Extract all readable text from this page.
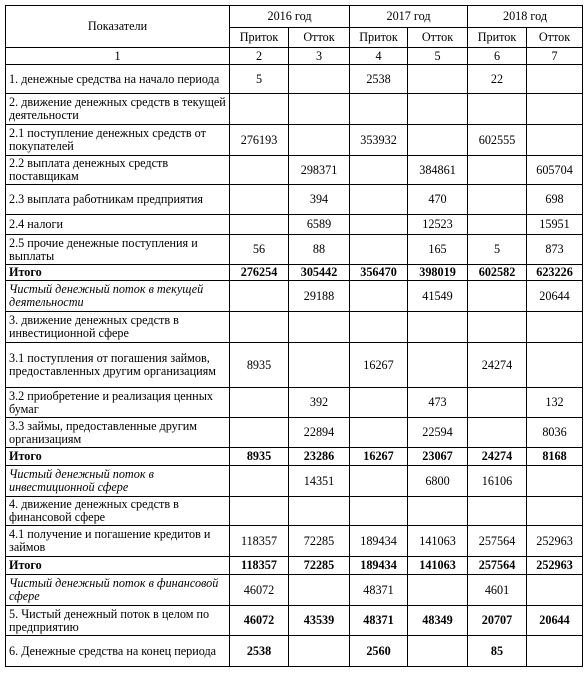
Показатели	2016 год		2017 год		2018 год	
	Приток	Отток	Приток	Отток	Приток	Отток
1	2	3	4	5	6	7
1. денежные средства на начало периода	5		2538		22	
2. движение денежных средств в текущей деятельности						
2.1 поступление денежных средств от покупателей	276193		353932		602555	
2.2 выплата денежных средств поставщикам		298371		384861		605704
2.3 выплата работникам предприятия		394		470		698
2.4 налоги		6589		12523		15951
2.5 прочие денежные поступления и выплаты	56	88		165	5	873
Итого	276254	305442	356470	398019	602582	623226
Чистый денежный поток в текущей деятельности		29188		41549		20644
3. движение денежных средств в инвестиционной сфере						
3.1 поступления от погашения займов, предоставленных другим организациям	8935		16267		24274	
3.2 приобретение и реализация ценных бумаг		392		473		132
3.3 займы, предоставленные другим организациям		22894		22594		8036
Итого	8935	23286	16267	23067	24274	8168
Чистый денежный поток в инвестиционной сфере		14351		6800	16106	
4. движение денежных средств в финансовой сфере						
4.1 получение и погашение кредитов и займов	118357	72285	189434	141063	257564	252963
Итого	118357	72285	189434	141063	257564	252963
Чистый денежный поток в финансовой сфере	46072		48371		4601	
5. Чистый денежный поток в целом по предприятию	46072	43539	48371	48349	20707	20644
6. Денежные средства на конец периода	2538		2560		85	
